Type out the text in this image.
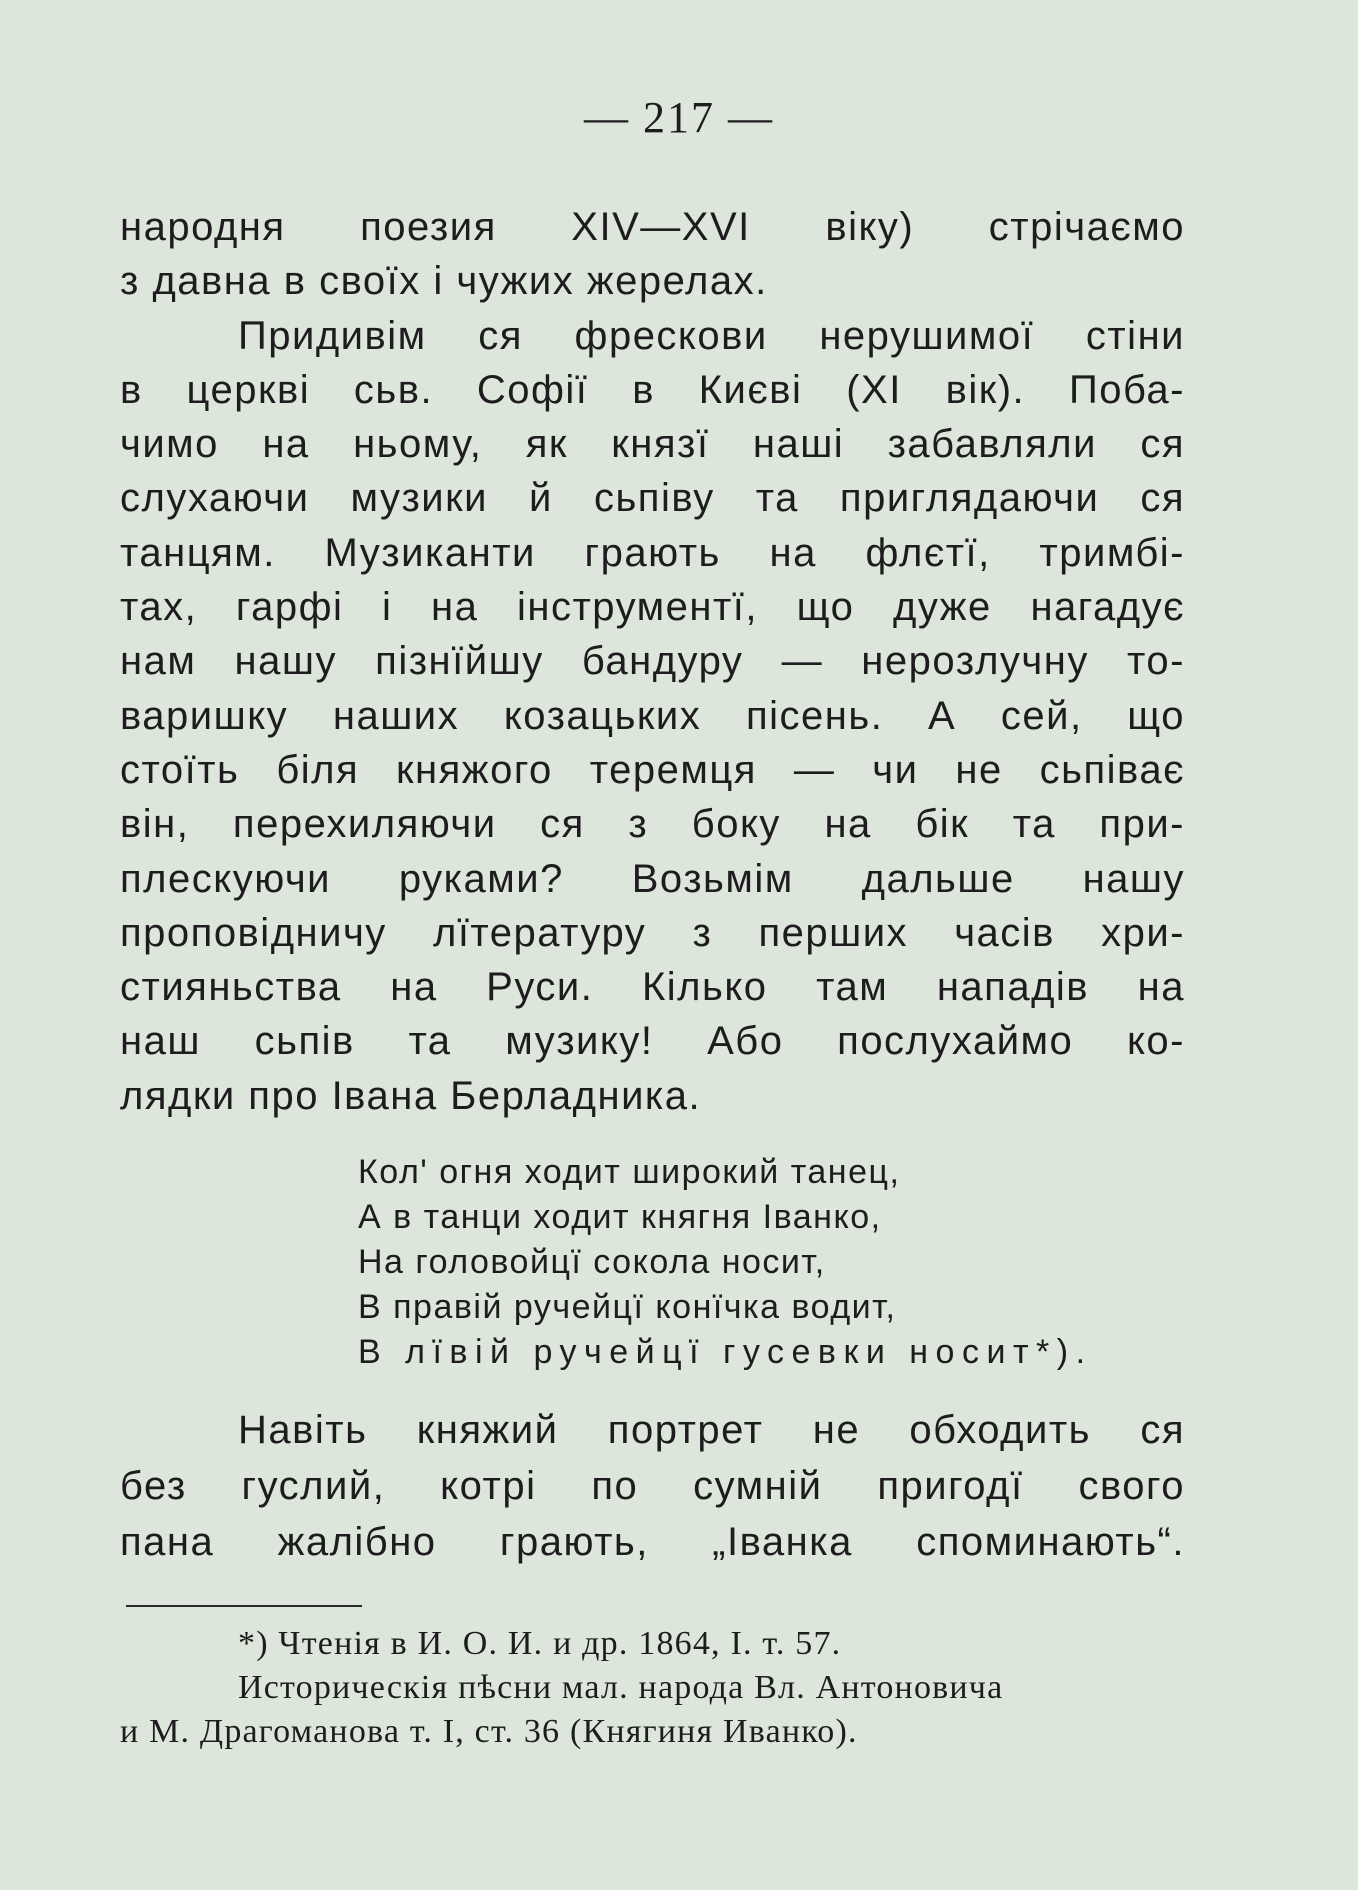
— 217 —
народня поезия XIV—XVI віку) стрічаємо
з давна в своїх і чужих жерелах.
Придивім ся фрескови нерушимої стіни
в церкві сьв. Софії в Києві (XI вік). Поба-
чимо на ньому, як князї наші забавляли ся
слухаючи музики й сьпіву та приглядаючи ся
танцям. Музиканти грають на флєтї, тримбі-
тах, гарфі і на інструментї, що дуже нагадує
нам нашу пізнїйшу бандуру — нерозлучну то-
варишку наших козацьких пісень. А сей, що
стоїть біля княжого теремця — чи не сьпіває
він, перехиляючи ся з боку на бік та при-
плескуючи руками? Возьмім дальше нашу
проповідничу лїтературу з перших часів хри-
стияньства на Руси. Кілько там нападів на
наш сьпів та музику! Або послухаймо ко-
лядки про Івана Берладника.
Кол' огня ходит широкий танец,
А в танци ходит княгня Іванко,
На головойцї сокола носит,
В правій ручейцї конїчка водит,
В лївій ручейцї гусевки носит*).
Навіть княжий портрет не обходить ся
без гуслий, котрі по сумній пригодї свого
пана жалібно грають, „Іванка споминають“.
*) Чтенія в И. О. И. и др. 1864, I. т. 57.
Историческія пѣсни мал. народа Вл. Антоновича
и М. Драгоманова т. I, ст. 36 (Княгиня Иванко).
